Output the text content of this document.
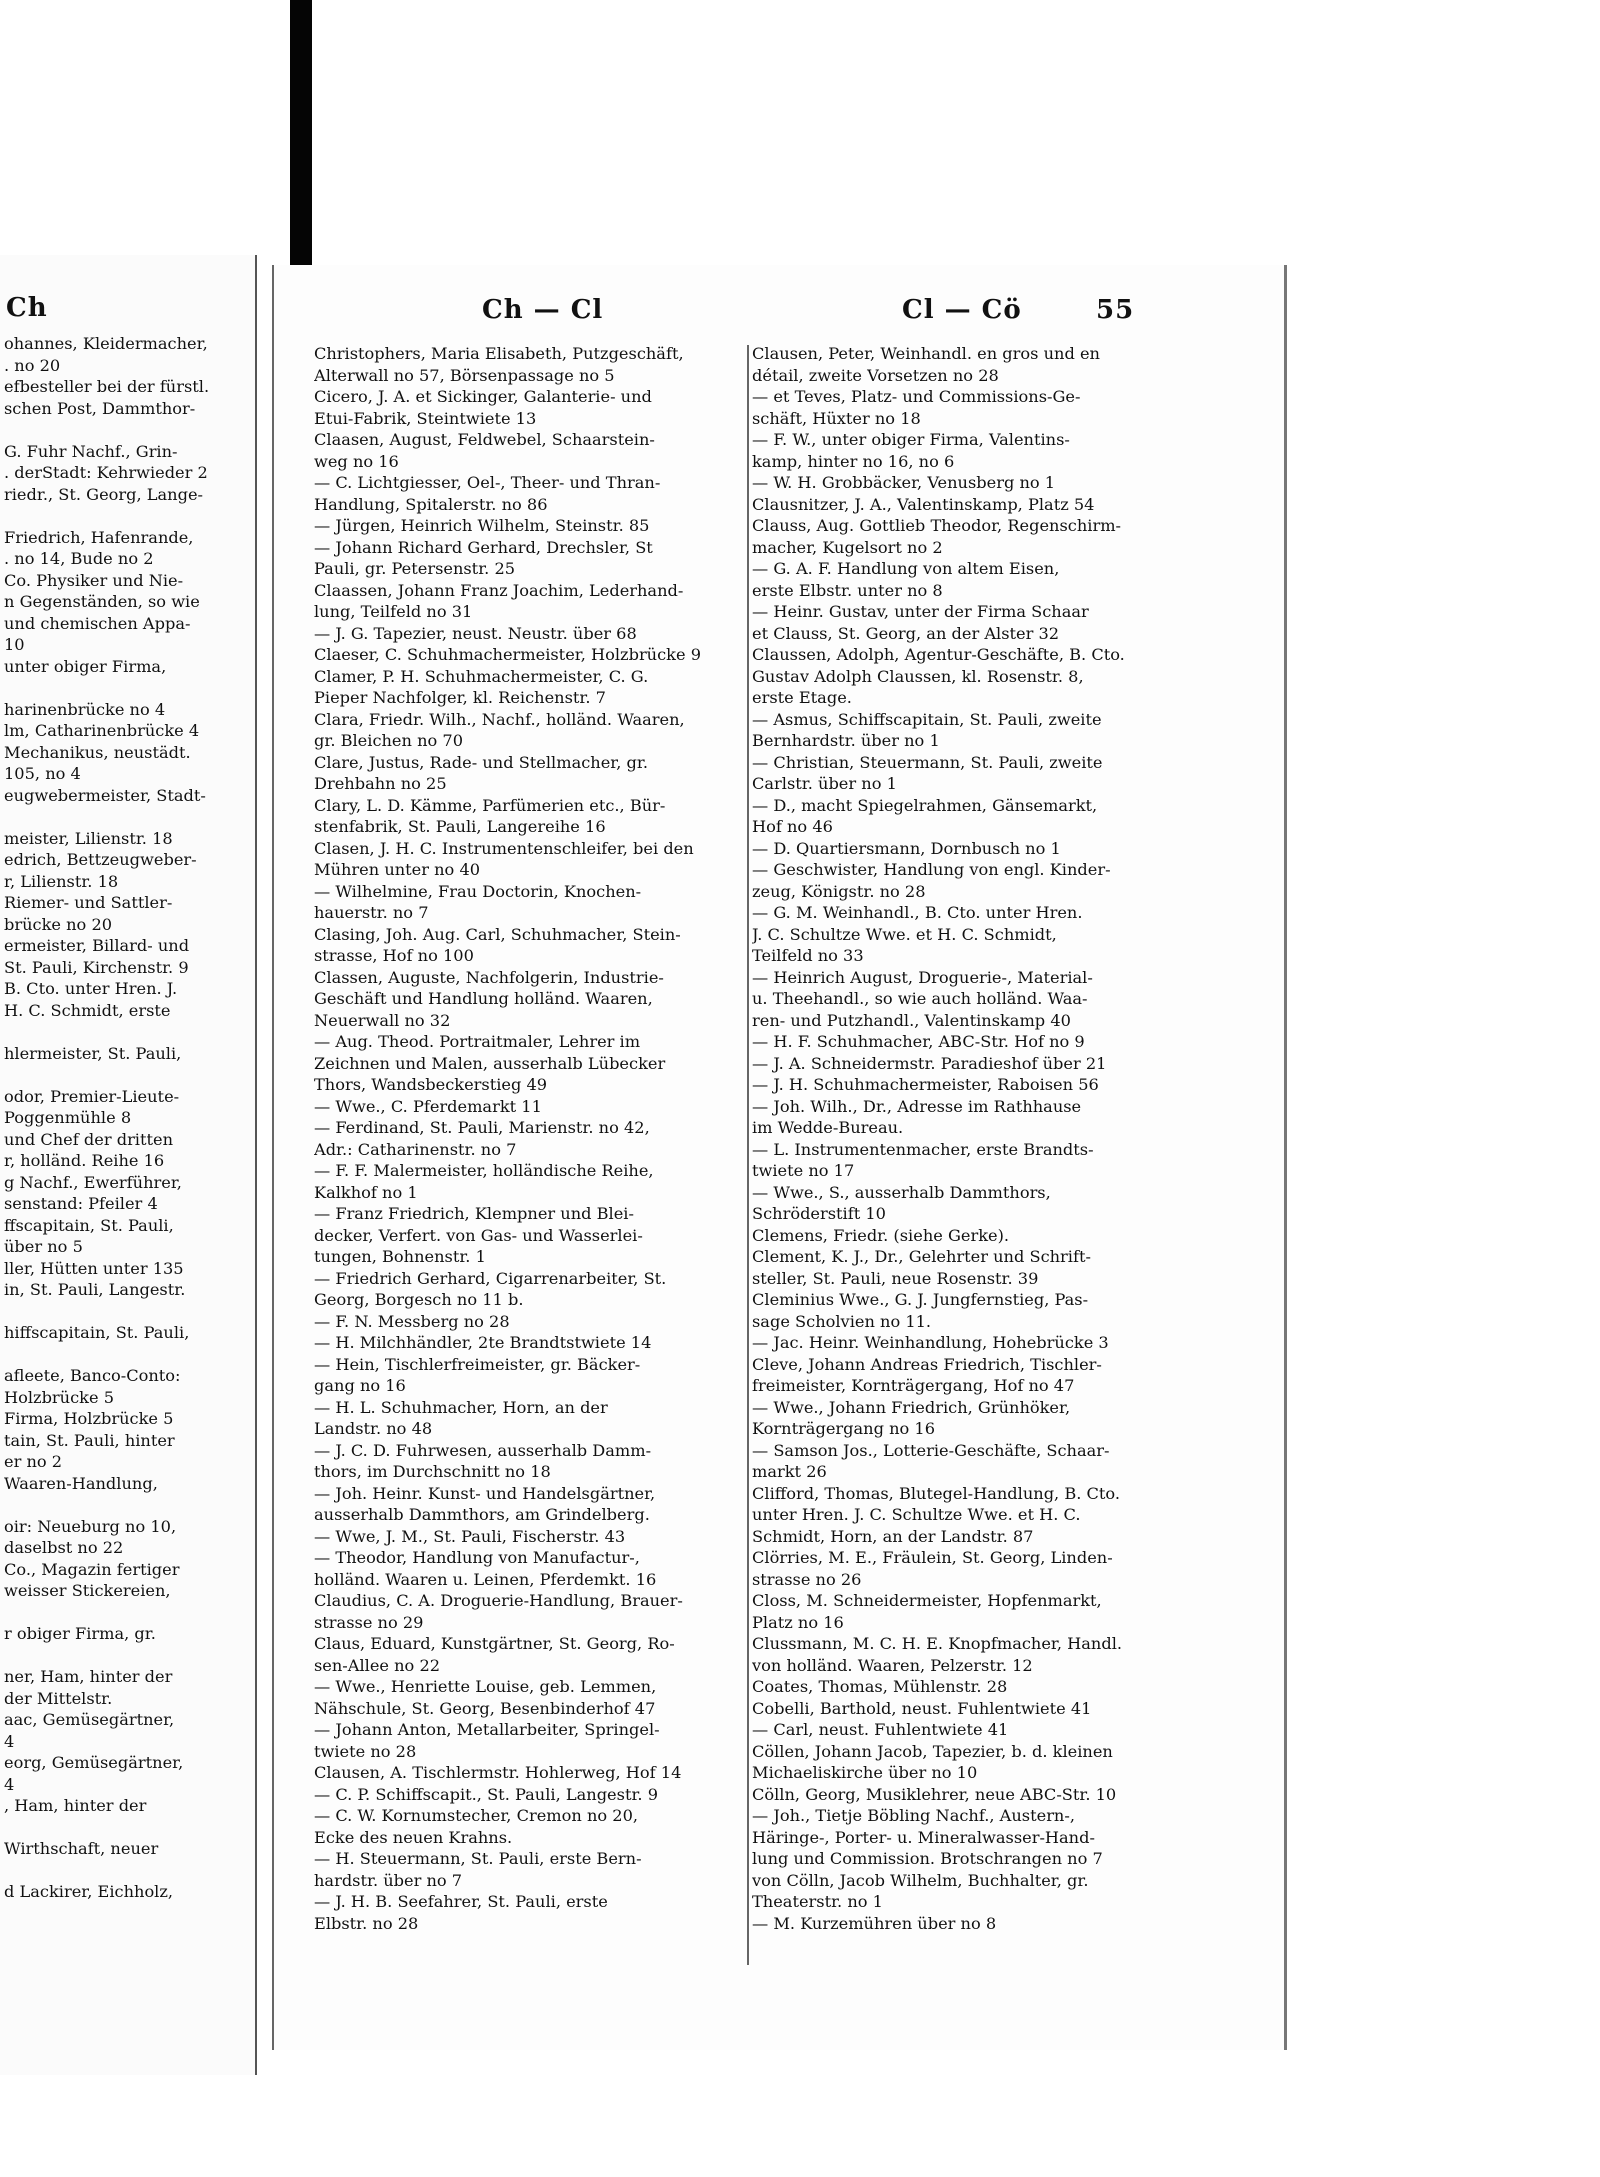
Ch
ohannes, Kleidermacher,
. no 20
efbesteller bei der fürstl.
schen Post, Dammthor-
G. Fuhr Nachf., Grin-
. derStadt: Kehrwieder 2
riedr., St. Georg, Lange-
Friedrich, Hafenrande,
. no 14, Bude no 2
Co. Physiker und Nie-
n Gegenständen, so wie
und chemischen Appa-
10
unter obiger Firma,
harinenbrücke no 4
lm, Catharinenbrücke 4
Mechanikus, neustädt.
105, no 4
eugwebermeister, Stadt-
meister, Lilienstr. 18
edrich, Bettzeugweber-
r, Lilienstr. 18
Riemer- und Sattler-
brücke no 20
ermeister, Billard- und
St. Pauli, Kirchenstr. 9
B. Cto. unter Hren. J.
H. C. Schmidt, erste
hlermeister, St. Pauli,
odor, Premier-Lieute-
Poggenmühle 8
und Chef der dritten
r, holländ. Reihe 16
g Nachf., Ewerführer,
senstand: Pfeiler 4
ffscapitain, St. Pauli,
über no 5
ller, Hütten unter 135
in, St. Pauli, Langestr.
hiffscapitain, St. Pauli,
afleete, Banco-Conto:
Holzbrücke 5
Firma, Holzbrücke 5
tain, St. Pauli, hinter
er no 2
Waaren-Handlung,
oir: Neueburg no 10,
daselbst no 22
Co., Magazin fertiger
weisser Stickereien,
r obiger Firma, gr.
ner, Ham, hinter der
der Mittelstr.
aac, Gemüsegärtner,
4
eorg, Gemüsegärtner,
4
, Ham, hinter der
Wirthschaft, neuer
d Lackirer, Eichholz,
Ch — Cl	Cl — Cö	55
Christophers, Maria Elisabeth, Putzgeschäft,
Alterwall no 57, Börsenpassage no 5
Cicero, J. A. et Sickinger, Galanterie- und
Etui-Fabrik, Steintwiete 13
Claasen, August, Feldwebel, Schaarstein-
weg no 16
— C. Lichtgiesser, Oel-, Theer- und Thran-
Handlung, Spitalerstr. no 86
— Jürgen, Heinrich Wilhelm, Steinstr. 85
— Johann Richard Gerhard, Drechsler, St
Pauli, gr. Petersenstr. 25
Claassen, Johann Franz Joachim, Lederhand-
lung, Teilfeld no 31
— J. G. Tapezier, neust. Neustr. über 68
Claeser, C. Schuhmachermeister, Holzbrücke 9
Clamer, P. H. Schuhmachermeister, C. G.
Pieper Nachfolger, kl. Reichenstr. 7
Clara, Friedr. Wilh., Nachf., holländ. Waaren,
gr. Bleichen no 70
Clare, Justus, Rade- und Stellmacher, gr.
Drehbahn no 25
Clary, L. D. Kämme, Parfümerien etc., Bür-
stenfabrik, St. Pauli, Langereihe 16
Clasen, J. H. C. Instrumentenschleifer, bei den
Mühren unter no 40
— Wilhelmine, Frau Doctorin, Knochen-
hauerstr. no 7
Clasing, Joh. Aug. Carl, Schuhmacher, Stein-
strasse, Hof no 100
Classen, Auguste, Nachfolgerin, Industrie-
Geschäft und Handlung holländ. Waaren,
Neuerwall no 32
— Aug. Theod. Portraitmaler, Lehrer im
Zeichnen und Malen, ausserhalb Lübecker
Thors, Wandsbeckerstieg 49
— Wwe., C. Pferdemarkt 11
— Ferdinand, St. Pauli, Marienstr. no 42,
Adr.: Catharinenstr. no 7
— F. F. Malermeister, holländische Reihe,
Kalkhof no 1
— Franz Friedrich, Klempner und Blei-
decker, Verfert. von Gas- und Wasserlei-
tungen, Bohnenstr. 1
— Friedrich Gerhard, Cigarrenarbeiter, St.
Georg, Borgesch no 11 b.
— F. N. Messberg no 28
— H. Milchhändler, 2te Brandtstwiete 14
— Hein, Tischlerfreimeister, gr. Bäcker-
gang no 16
— H. L. Schuhmacher, Horn, an der
Landstr. no 48
— J. C. D. Fuhrwesen, ausserhalb Damm-
thors, im Durchschnitt no 18
— Joh. Heinr. Kunst- und Handelsgärtner,
ausserhalb Dammthors, am Grindelberg.
— Wwe, J. M., St. Pauli, Fischerstr. 43
— Theodor, Handlung von Manufactur-,
holländ. Waaren u. Leinen, Pferdemkt. 16
Claudius, C. A. Droguerie-Handlung, Brauer-
strasse no 29
Claus, Eduard, Kunstgärtner, St. Georg, Ro-
sen-Allee no 22
— Wwe., Henriette Louise, geb. Lemmen,
Nähschule, St. Georg, Besenbinderhof 47
— Johann Anton, Metallarbeiter, Springel-
twiete no 28
Clausen, A. Tischlermstr. Hohlerweg, Hof 14
— C. P. Schiffscapit., St. Pauli, Langestr. 9
— C. W. Kornumstecher, Cremon no 20,
Ecke des neuen Krahns.
— H. Steuermann, St. Pauli, erste Bern-
hardstr. über no 7
— J. H. B. Seefahrer, St. Pauli, erste
Elbstr. no 28
Clausen, Peter, Weinhandl. en gros und en
détail, zweite Vorsetzen no 28
— et Teves, Platz- und Commissions-Ge-
schäft, Hüxter no 18
— F. W., unter obiger Firma, Valentins-
kamp, hinter no 16, no 6
— W. H. Grobbäcker, Venusberg no 1
Clausnitzer, J. A., Valentinskamp, Platz 54
Clauss, Aug. Gottlieb Theodor, Regenschirm-
macher, Kugelsort no 2
— G. A. F. Handlung von altem Eisen,
erste Elbstr. unter no 8
— Heinr. Gustav, unter der Firma Schaar
et Clauss, St. Georg, an der Alster 32
Claussen, Adolph, Agentur-Geschäfte, B. Cto.
Gustav Adolph Claussen, kl. Rosenstr. 8,
erste Etage.
— Asmus, Schiffscapitain, St. Pauli, zweite
Bernhardstr. über no 1
— Christian, Steuermann, St. Pauli, zweite
Carlstr. über no 1
— D., macht Spiegelrahmen, Gänsemarkt,
Hof no 46
— D. Quartiersmann, Dornbusch no 1
— Geschwister, Handlung von engl. Kinder-
zeug, Königstr. no 28
— G. M. Weinhandl., B. Cto. unter Hren.
J. C. Schultze Wwe. et H. C. Schmidt,
Teilfeld no 33
— Heinrich August, Droguerie-, Material-
u. Theehandl., so wie auch holländ. Waa-
ren- und Putzhandl., Valentinskamp 40
— H. F. Schuhmacher, ABC-Str. Hof no 9
— J. A. Schneidermstr. Paradieshof über 21
— J. H. Schuhmachermeister, Raboisen 56
— Joh. Wilh., Dr., Adresse im Rathhause
im Wedde-Bureau.
— L. Instrumentenmacher, erste Brandts-
twiete no 17
— Wwe., S., ausserhalb Dammthors,
Schröderstift 10
Clemens, Friedr. (siehe Gerke).
Clement, K. J., Dr., Gelehrter und Schrift-
steller, St. Pauli, neue Rosenstr. 39
Cleminius Wwe., G. J. Jungfernstieg, Pas-
sage Scholvien no 11.
— Jac. Heinr. Weinhandlung, Hohebrücke 3
Cleve, Johann Andreas Friedrich, Tischler-
freimeister, Kornträgergang, Hof no 47
— Wwe., Johann Friedrich, Grünhöker,
Kornträgergang no 16
— Samson Jos., Lotterie-Geschäfte, Schaar-
markt 26
Clifford, Thomas, Blutegel-Handlung, B. Cto.
unter Hren. J. C. Schultze Wwe. et H. C.
Schmidt, Horn, an der Landstr. 87
Clörries, M. E., Fräulein, St. Georg, Linden-
strasse no 26
Closs, M. Schneidermeister, Hopfenmarkt,
Platz no 16
Clussmann, M. C. H. E. Knopfmacher, Handl.
von holländ. Waaren, Pelzerstr. 12
Coates, Thomas, Mühlenstr. 28
Cobelli, Barthold, neust. Fuhlentwiete 41
— Carl, neust. Fuhlentwiete 41
Cöllen, Johann Jacob, Tapezier, b. d. kleinen
Michaeliskirche über no 10
Cölln, Georg, Musiklehrer, neue ABC-Str. 10
— Joh., Tietje Böbling Nachf., Austern-,
Häringe-, Porter- u. Mineralwasser-Hand-
lung und Commission. Brotschrangen no 7
von Cölln, Jacob Wilhelm, Buchhalter, gr.
Theaterstr. no 1
— M. Kurzemühren über no 8
